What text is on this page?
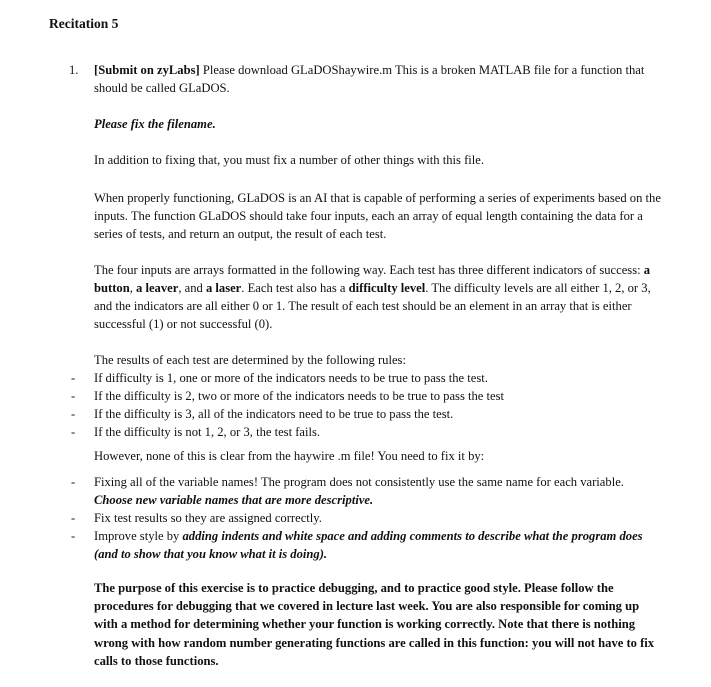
Recitation 5
1. [Submit on zyLabs] Please download GLaDOShaywire.m This is a broken MATLAB file for a function that should be called GLaDOS.

Please fix the filename.

In addition to fixing that, you must fix a number of other things with this file.

When properly functioning, GLaDOS is an AI that is capable of performing a series of experiments based on the inputs. The function GLaDOS should take four inputs, each an array of equal length containing the data for a series of tests, and return an output, the result of each test.

The four inputs are arrays formatted in the following way. Each test has three different indicators of success: a button, a leaver, and a laser. Each test also has a difficulty level. The difficulty levels are all either 1, 2, or 3, and the indicators are all either 0 or 1. The result of each test should be an element in an array that is either successful (1) or not successful (0).

The results of each test are determined by the following rules:

- If difficulty is 1, one or more of the indicators needs to be true to pass the test.
- If the difficulty is 2, two or more of the indicators needs to be true to pass the test
- If the difficulty is 3, all of the indicators need to be true to pass the test.
- If the difficulty is not 1, 2, or 3, the test fails.

However, none of this is clear from the haywire .m file! You need to fix it by:

- Fixing all of the variable names! The program does not consistently use the same name for each variable. Choose new variable names that are more descriptive.
- Fix test results so they are assigned correctly.
- Improve style by adding indents and white space and adding comments to describe what the program does (and to show that you know what it is doing).

The purpose of this exercise is to practice debugging, and to practice good style. Please follow the procedures for debugging that we covered in lecture last week. You are also responsible for coming up with a method for determining whether your function is working correctly. Note that there is nothing wrong with how random number generating functions are called in this function: you will not have to fix calls to those functions.
